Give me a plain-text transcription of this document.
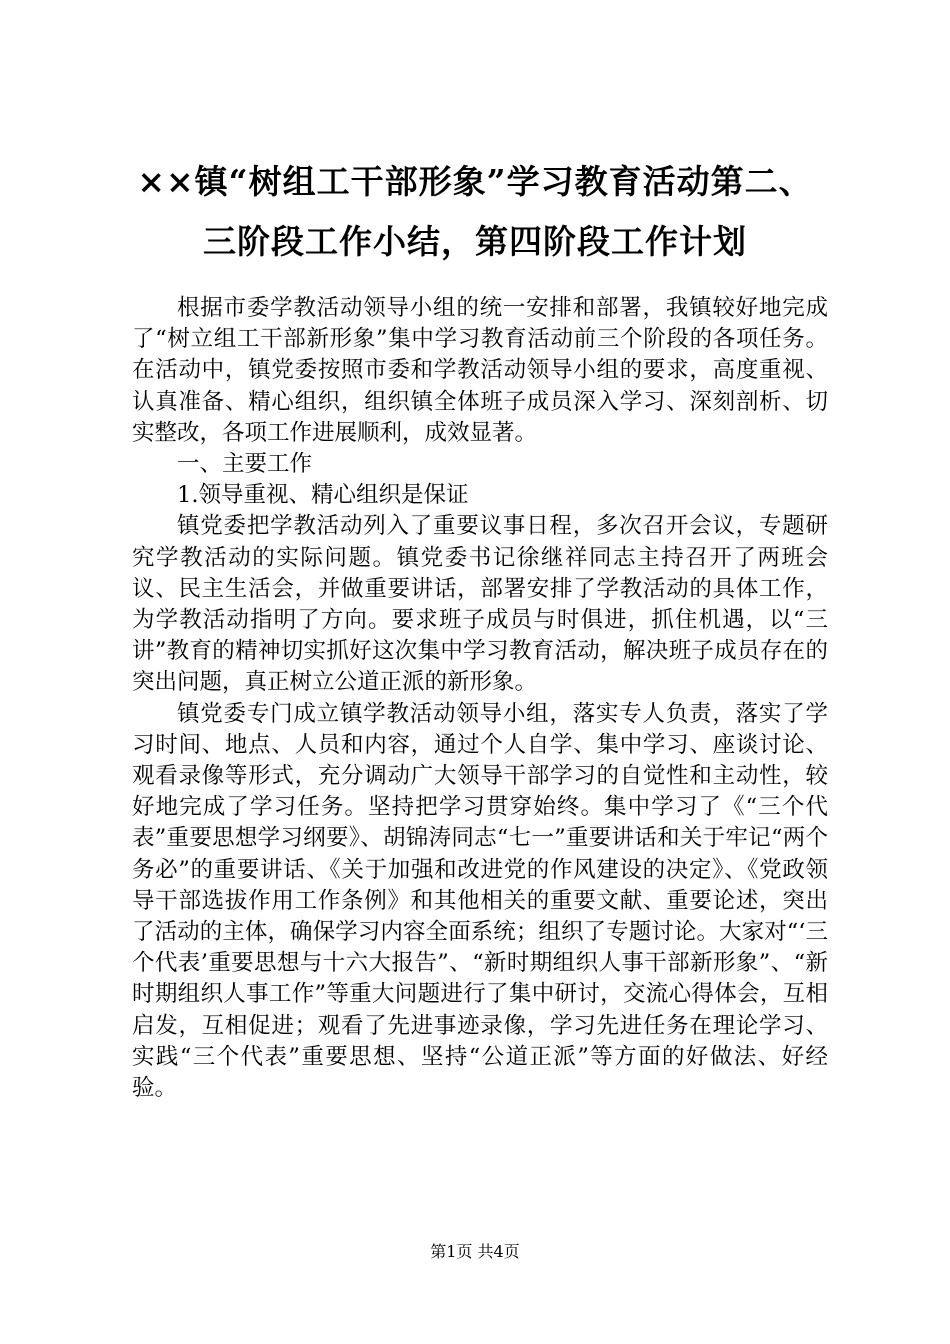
××镇“树组工干部形象”学习教育活动第二、
三阶段工作小结，第四阶段工作计划

根据市委学教活动领导小组的统一安排和部署，我镇较好地完成了“树立组工干部新形象”集中学习教育活动前三个阶段的各项任务。在活动中，镇党委按照市委和学教活动领导小组的要求，高度重视、认真准备、精心组织，组织镇全体班子成员深入学习、深刻剖析、切实整改，各项工作进展顺利，成效显著。

一、主要工作

1.领导重视、精心组织是保证

镇党委把学教活动列入了重要议事日程，多次召开会议，专题研究学教活动的实际问题。镇党委书记徐继祥同志主持召开了两班会议、民主生活会，并做重要讲话，部署安排了学教活动的具体工作，为学教活动指明了方向。要求班子成员与时俱进，抓住机遇，以“三讲”教育的精神切实抓好这次集中学习教育活动，解决班子成员存在的突出问题，真正树立公道正派的新形象。

镇党委专门成立镇学教活动领导小组，落实专人负责，落实了学习时间、地点、人员和内容，通过个人自学、集中学习、座谈讨论、观看录像等形式，充分调动广大领导干部学习的自觉性和主动性，较好地完成了学习任务。坚持把学习贯穿始终。集中学习了《“三个代表”重要思想学习纲要》、胡锦涛同志“七一”重要讲话和关于牢记“两个务必”的重要讲话、《关于加强和改进党的作风建设的决定》、《党政领导干部选拔作用工作条例》和其他相关的重要文献、重要论述，突出了活动的主体，确保学习内容全面系统；组织了专题讨论。大家对“‘三个代表’重要思想与十六大报告”、“新时期组织人事干部新形象”、“新时期组织人事工作”等重大问题进行了集中研讨，交流心得体会，互相启发，互相促进；观看了先进事迹录像，学习先进任务在理论学习、实践“三个代表”重要思想、坚持“公道正派”等方面的好做法、好经验。

第1页 共4页
